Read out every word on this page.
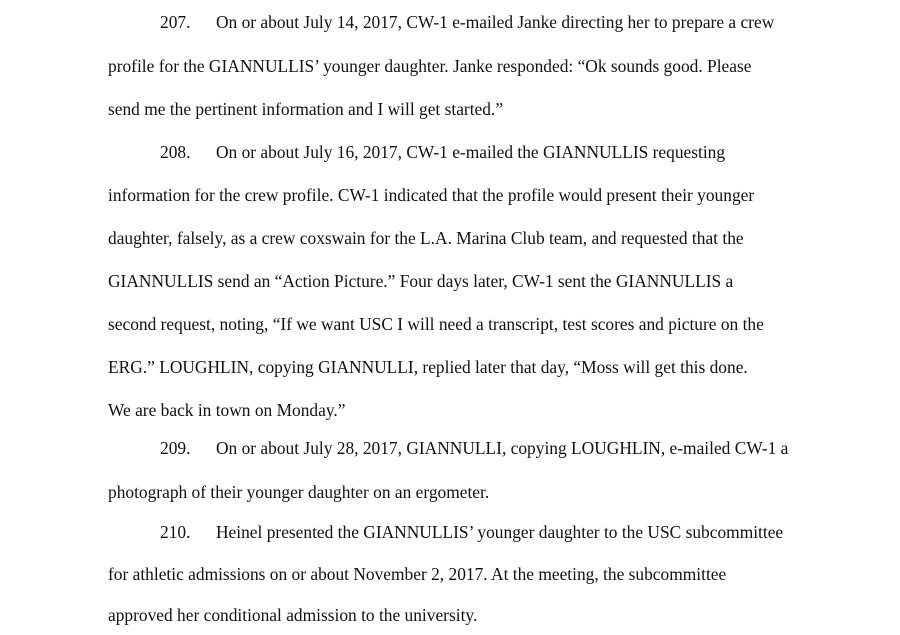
207. On or about July 14, 2017, CW-1 e-mailed Janke directing her to prepare a crew
profile for the GIANNULLIS’ younger daughter. Janke responded: “Ok sounds good. Please
send me the pertinent information and I will get started.”
208. On or about July 16, 2017, CW-1 e-mailed the GIANNULLIS requesting
information for the crew profile. CW-1 indicated that the profile would present their younger
daughter, falsely, as a crew coxswain for the L.A. Marina Club team, and requested that the
GIANNULLIS send an “Action Picture.” Four days later, CW-1 sent the GIANNULLIS a
second request, noting, “If we want USC I will need a transcript, test scores and picture on the
ERG.” LOUGHLIN, copying GIANNULLI, replied later that day, “Moss will get this done.
We are back in town on Monday.”
209. On or about July 28, 2017, GIANNULLI, copying LOUGHLIN, e-mailed CW-1 a
photograph of their younger daughter on an ergometer.
210. Heinel presented the GIANNULLIS’ younger daughter to the USC subcommittee
for athletic admissions on or about November 2, 2017. At the meeting, the subcommittee
approved her conditional admission to the university.
